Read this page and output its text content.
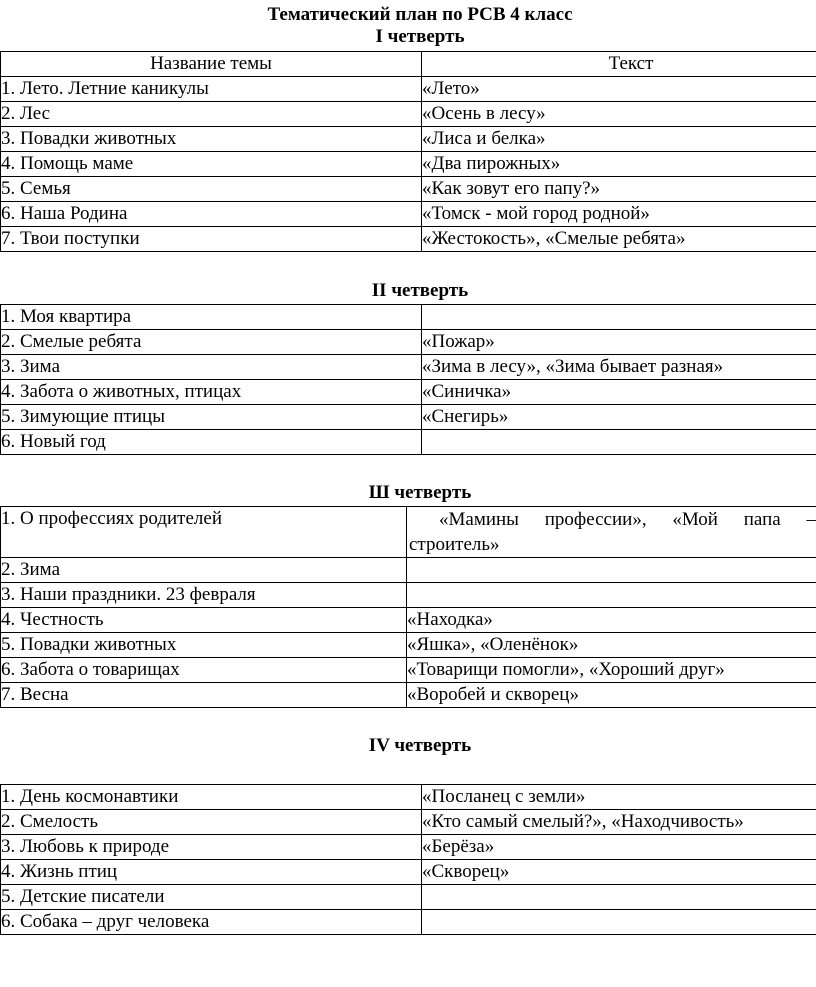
Тематический план по РСВ 4 класс
I четверть
Название темы	Текст
1. Лето. Летние каникулы	«Лето»
2. Лес	«Осень в лесу»
3. Повадки животных	«Лиса и белка»
4. Помощь маме	«Два пирожных»
5. Семья	«Как зовут его папу?»
6. Наша Родина	«Томск - мой город родной»
7. Твои поступки	«Жестокость», «Смелые ребята»
II четверть
1. Моя квартира	
2. Смелые ребята	«Пожар»
3. Зима	«Зима в лесу», «Зима бывает разная»
4. Забота о животных, птицах	«Синичка»
5. Зимующие птицы	«Снегирь»
6. Новый год	
Ш четверть
1. О профессиях родителей	«Мамины профессии», «Мой папа – строитель»

2. Зима	
3. Наши праздники. 23 февраля	
4. Честность	«Находка»
5. Повадки животных	«Яшка», «Оленёнок»
6. Забота о товарищах	«Товарищи помогли», «Хороший друг»
7. Весна	«Воробей и скворец»
IV четверть
1. День космонавтики	«Посланец с земли»
2. Смелость	«Кто самый смелый?», «Находчивость»
3. Любовь к природе	«Берёза»
4. Жизнь птиц	«Скворец»
5. Детские писатели	
6. Собака – друг человека	
